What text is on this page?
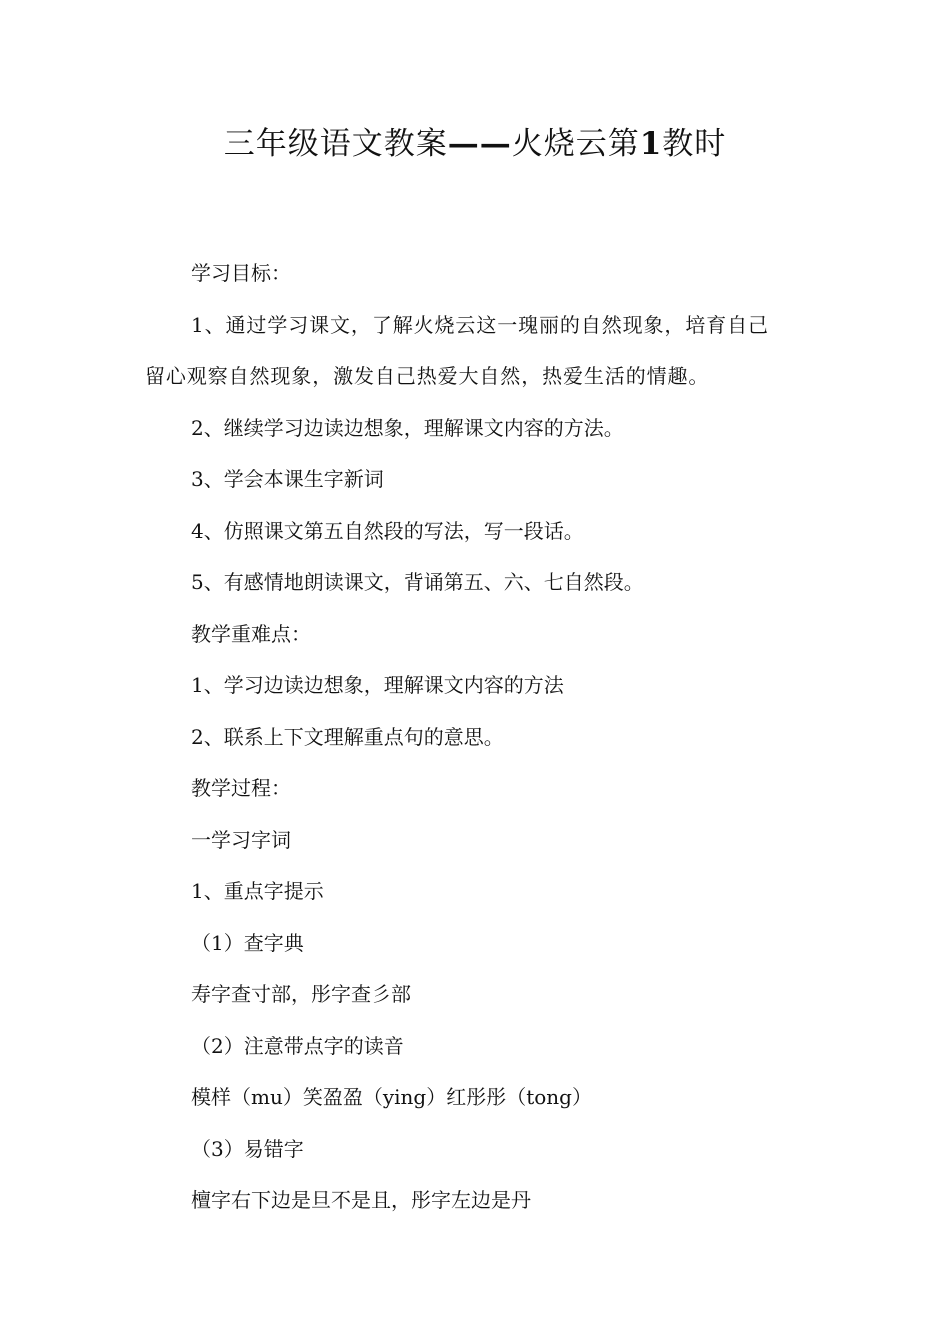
三年级语文教案——火烧云第1教时

学习目标：

1、通过学习课文，了解火烧云这一瑰丽的自然现象，培育自己

留心观察自然现象，激发自己热爱大自然，热爱生活的情趣。

2、继续学习边读边想象，理解课文内容的方法。

3、学会本课生字新词

4、仿照课文第五自然段的写法，写一段话。

5、有感情地朗读课文，背诵第五、六、七自然段。

教学重难点：

1、学习边读边想象，理解课文内容的方法

2、联系上下文理解重点句的意思。

教学过程：

一学习字词

1、重点字提示

（1）查字典

寿字查寸部，彤字查彡部

（2）注意带点字的读音

模样（mu）笑盈盈（ying）红彤彤（tong）

（3）易错字

檀字右下边是旦不是且，彤字左边是丹
